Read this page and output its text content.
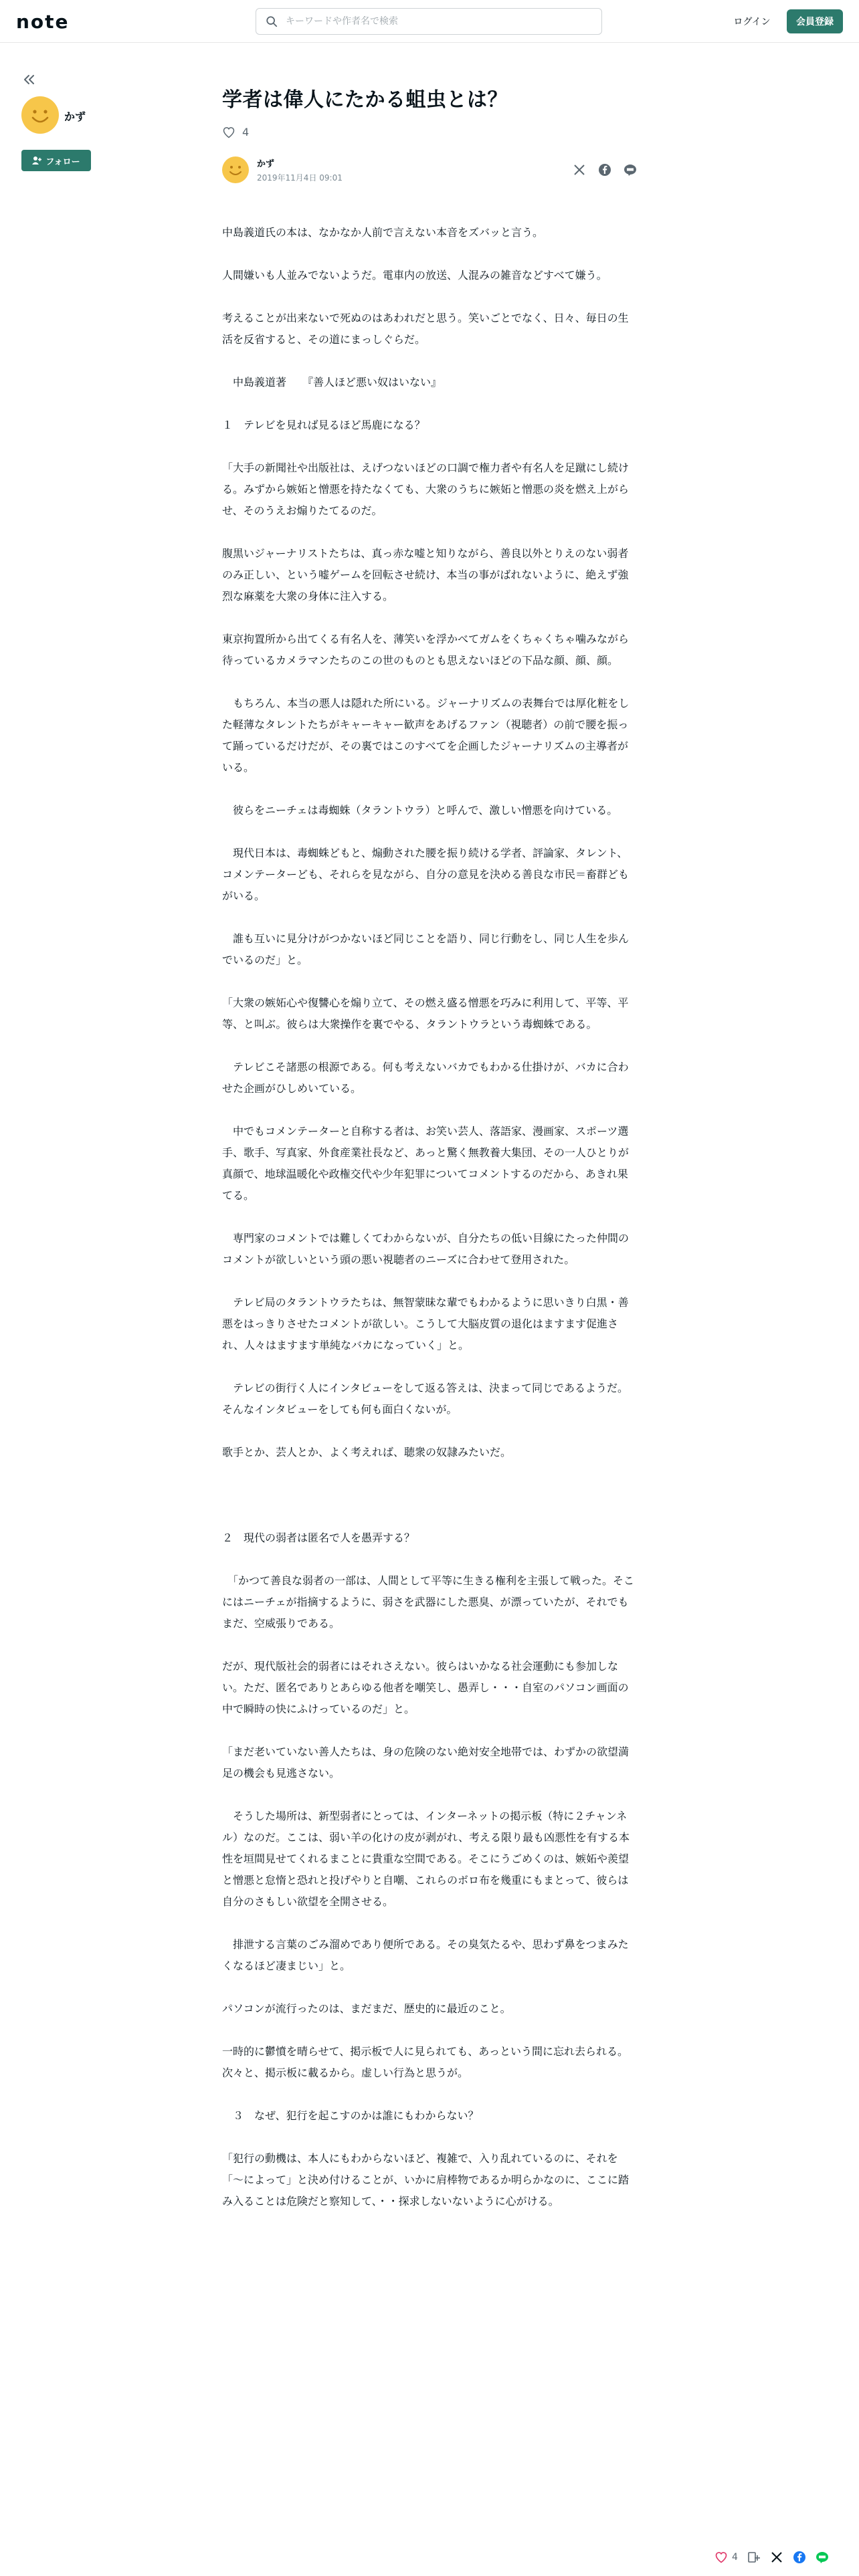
note
キーワードや作者名で検索	ログイン	会員登録
かず
フォロー
学者は偉人にたかる蛆虫とは？
4
かず
2019年11月4日 09:01

中島義道氏の本は、なかなか人前で言えない本音をズバッと言う。

人間嫌いも人並みでないようだ。電車内の放送、人混みの雑音などすべて嫌う。

考えることが出来ないで死ぬのはあわれだと思う。笑いごとでなく、日々、毎日の生活を反省すると、その道にまっしぐらだ。

　中島義道著　　『善人ほど悪い奴はいない』

１　テレビを見れば見るほど馬鹿になる？

「大手の新聞社や出版社は、えげつないほどの口調で権力者や有名人を足蹴にし続ける。みずから嫉妬と憎悪を持たなくても、大衆のうちに嫉妬と憎悪の炎を燃え上がらせ、そのうえお煽りたてるのだ。

腹黒いジャーナリストたちは、真っ赤な嘘と知りながら、善良以外とりえのない弱者のみ正しい、という嘘ゲームを回転させ続け、本当の事がばれないように、絶えず強烈な麻薬を大衆の身体に注入する。

東京拘置所から出てくる有名人を、薄笑いを浮かべてガムをくちゃくちゃ噛みながら待っているカメラマンたちのこの世のものとも思えないほどの下品な顔、顔、顔。

　もちろん、本当の悪人は隠れた所にいる。ジャーナリズムの表舞台では厚化粧をした軽薄なタレントたちがキャーキャー歓声をあげるファン（視聴者）の前で腰を振って踊っているだけだが、その裏ではこのすべてを企画したジャーナリズムの主導者がいる。

　彼らをニーチェは毒蜘蛛（タラントウラ）と呼んで、激しい憎悪を向けている。

　現代日本は、毒蜘蛛どもと、煽動された腰を振り続ける学者、評論家、タレント、コメンテーターども、それらを見ながら、自分の意見を決める善良な市民＝畜群どもがいる。

　誰も互いに見分けがつかないほど同じことを語り、同じ行動をし、同じ人生を歩んでいるのだ」と。

「大衆の嫉妬心や復讐心を煽り立て、その燃え盛る憎悪を巧みに利用して、平等、平等、と叫ぶ。彼らは大衆操作を裏でやる、タラントウラという毒蜘蛛である。

　テレビこそ諸悪の根源である。何も考えないバカでもわかる仕掛けが、バカに合わせた企画がひしめいている。

　中でもコメンテーターと自称する者は、お笑い芸人、落語家、漫画家、スポーツ選手、歌手、写真家、外食産業社長など、あっと驚く無教養大集団、その一人ひとりが真顔で、地球温暖化や政権交代や少年犯罪についてコメントするのだから、あきれ果てる。

　専門家のコメントでは難しくてわからないが、自分たちの低い目線にたった仲間のコメントが欲しいという頭の悪い視聴者のニーズに合わせて登用された。

　テレビ局のタラントウラたちは、無智蒙昧な輩でもわかるように思いきり白黒・善悪をはっきりさせたコメントが欲しい。こうして大脳皮質の退化はますます促進され、人々はますます単純なバカになっていく」と。

　テレビの街行く人にインタビューをして返る答えは、決まって同じであるようだ。そんなインタビューをしても何も面白くないが。

歌手とか、芸人とか、よく考えれば、聴衆の奴隷みたいだ。

２　現代の弱者は匿名で人を愚弄する？

　「かつて善良な弱者の一部は、人間として平等に生きる権利を主張して戦った。そこにはニーチェが指摘するように、弱さを武器にした悪臭、が漂っていたが、それでもまだ、空威張りである。

だが、現代版社会的弱者にはそれさえない。彼らはいかなる社会運動にも参加しない。ただ、匿名でありとあらゆる他者を嘲笑し、愚弄し・・・自室のパソコン画面の中で瞬時の快にふけっているのだ」と。

「まだ老いていない善人たちは、身の危険のない絶対安全地帯では、わずかの欲望満足の機会も見逃さない。

　そうした場所は、新型弱者にとっては、インターネットの掲示板（特に２チャンネル）なのだ。ここは、弱い羊の化けの皮が剥がれ、考える限り最も凶悪性を有する本性を垣間見せてくれるまことに貴重な空間である。そこにうごめくのは、嫉妬や羨望と憎悪と怠惰と恐れと投げやりと自嘲、これらのボロ布を幾重にもまとって、彼らは自分のさもしい欲望を全開させる。

　排泄する言葉のごみ溜めであり便所である。その臭気たるや、思わず鼻をつまみたくなるほど凄まじい」と。

パソコンが流行ったのは、まだまだ、歴史的に最近のこと。

一時的に鬱憤を晴らせて、掲示板で人に見られても、あっという間に忘れ去られる。次々と、掲示板に載るから。虚しい行為と思うが。

　３　なぜ、犯行を起こすのかは誰にもわからない？

「犯行の動機は、本人にもわからないほど、複雑で、入り乱れているのに、それを「〜によって」と決め付けることが、いかに肩棒物であるか明らかなのに、ここに踏み入ることは危険だと察知して、・・探求しないないように心がける。

4
